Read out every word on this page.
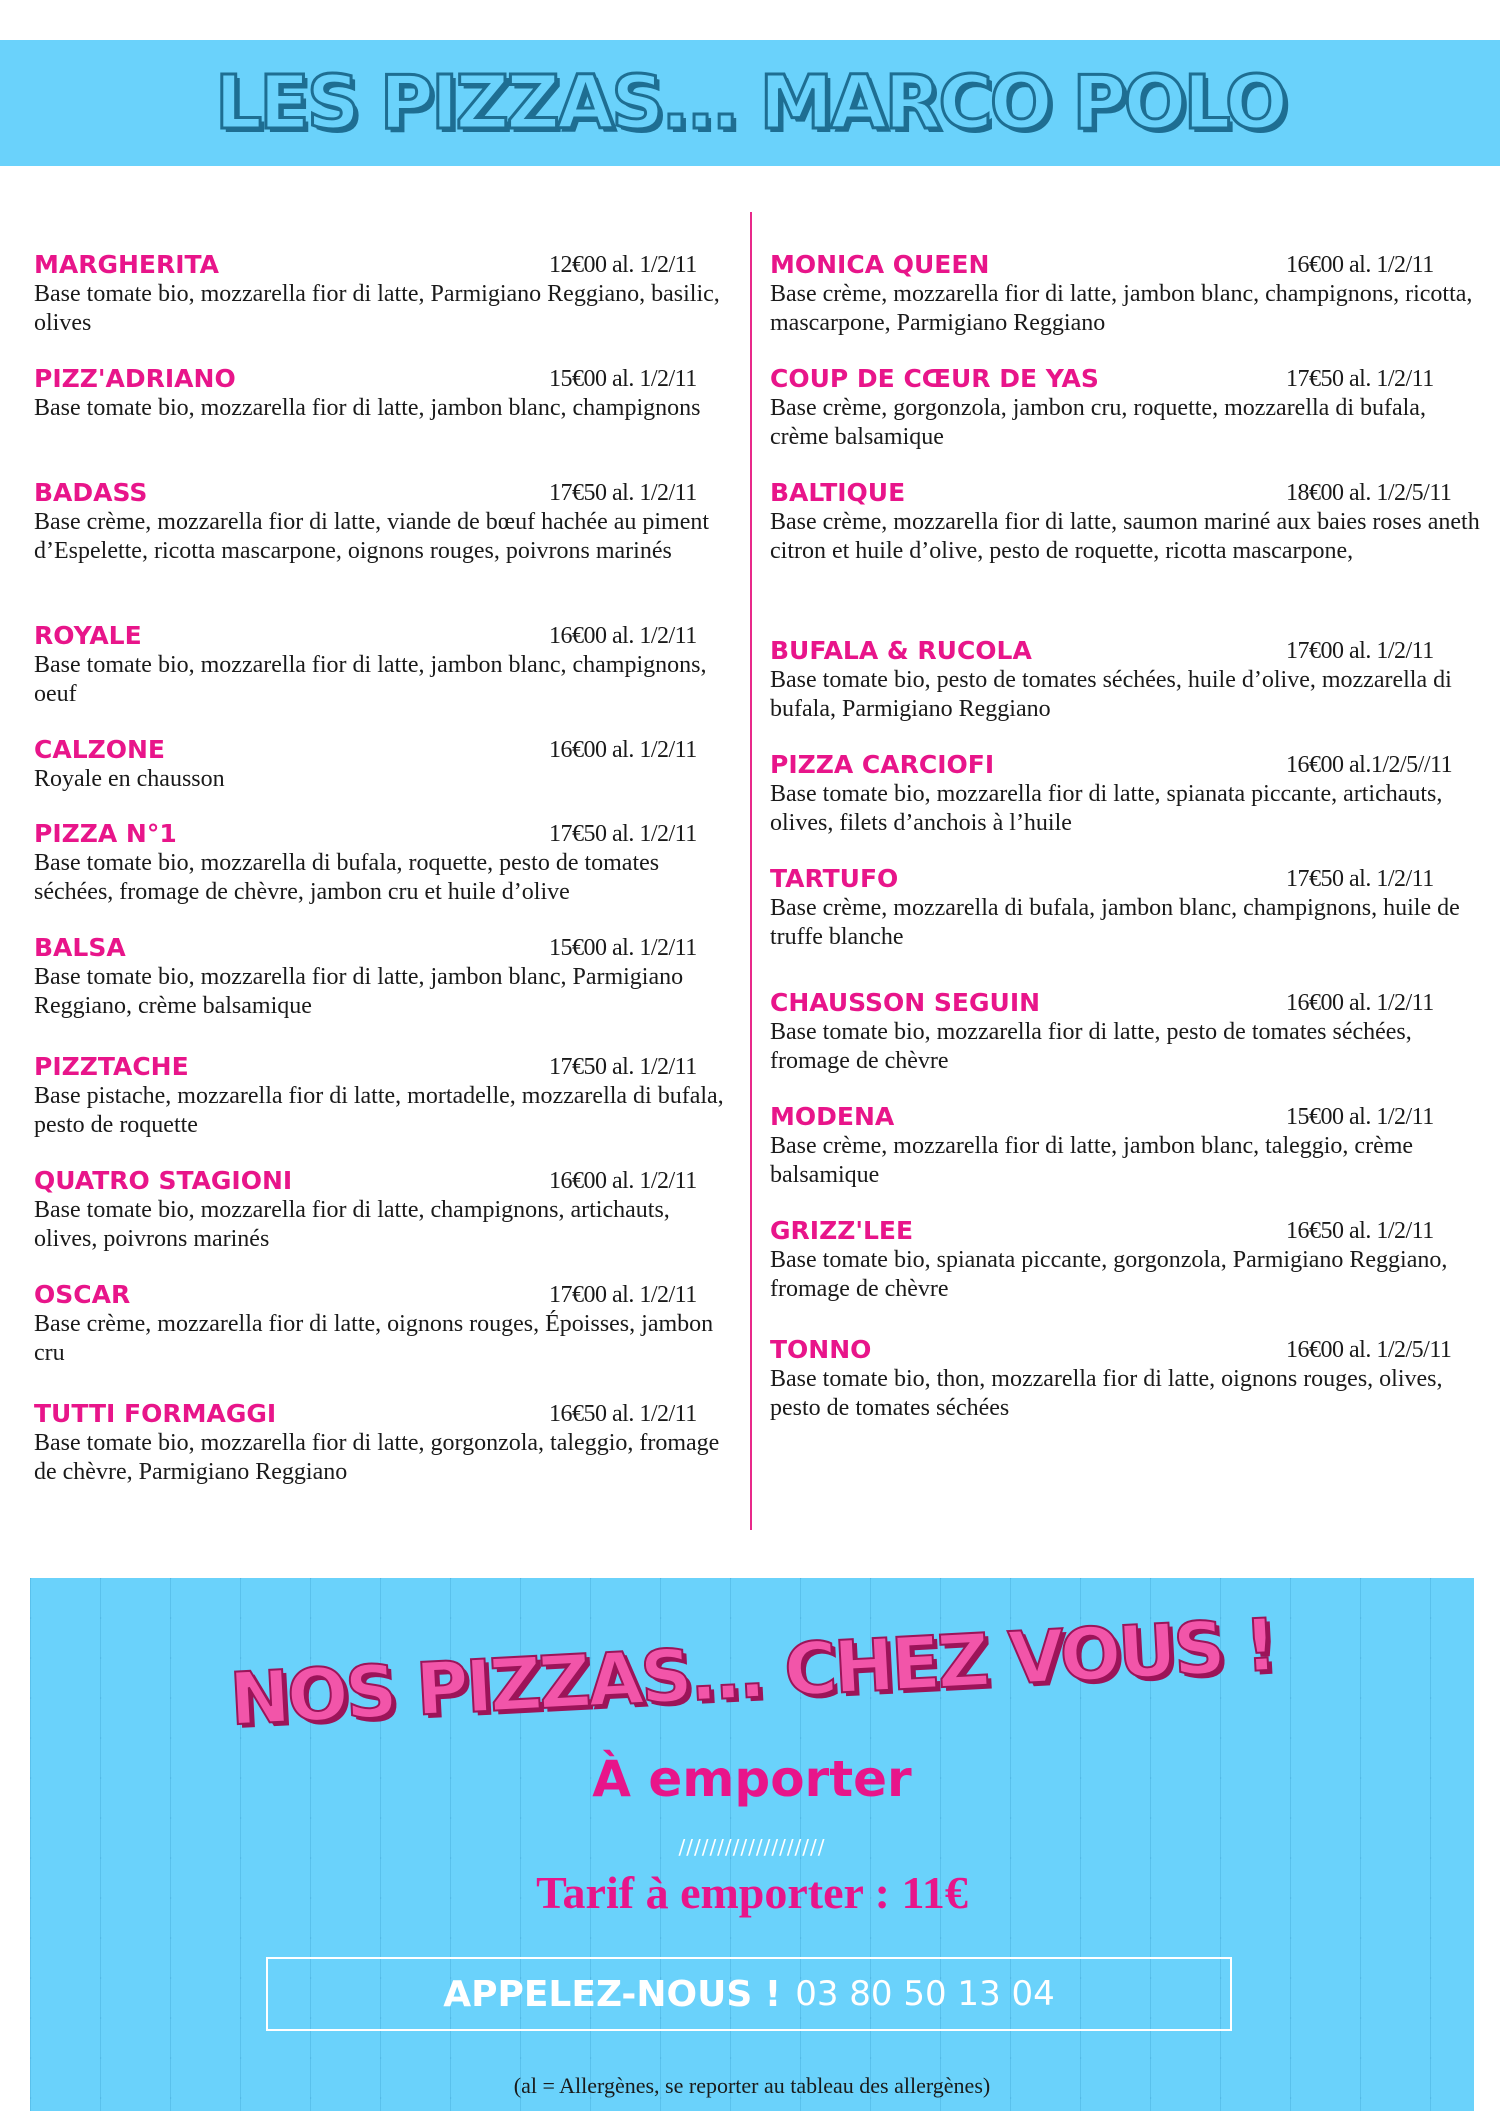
LES PIZZAS... MARCO POLO
MARGHERITA	12€00 al. 1/2/11
Base tomate bio, mozzarella fior di latte, Parmigiano Reggiano, basilic, olives
PIZZ'ADRIANO	15€00 al. 1/2/11
Base tomate bio, mozzarella fior di latte, jambon blanc, champignons
BADASS	17€50 al. 1/2/11
Base crème, mozzarella fior di latte, viande de bœuf hachée au piment d’Espelette, ricotta mascarpone, oignons rouges, poivrons marinés
ROYALE	16€00 al. 1/2/11
Base tomate bio, mozzarella fior di latte, jambon blanc, champignons, oeuf
CALZONE	16€00 al. 1/2/11
Royale en chausson
PIZZA N°1	17€50 al. 1/2/11
Base tomate bio, mozzarella di bufala, roquette, pesto de tomates séchées, fromage de chèvre, jambon cru et huile d’olive
BALSA	15€00 al. 1/2/11
Base tomate bio, mozzarella fior di latte, jambon blanc, Parmigiano Reggiano, crème balsamique
PIZZTACHE	17€50 al. 1/2/11
Base pistache, mozzarella fior di latte, mortadelle, mozzarella di bufala, pesto de roquette
QUATRO STAGIONI	16€00 al. 1/2/11
Base tomate bio, mozzarella fior di latte, champignons, artichauts, olives, poivrons marinés
OSCAR	17€00 al. 1/2/11
Base crème, mozzarella fior di latte, oignons rouges, Époisses, jambon cru
TUTTI FORMAGGI	16€50 al. 1/2/11
Base tomate bio, mozzarella fior di latte, gorgonzola, taleggio, fromage de chèvre, Parmigiano Reggiano
MONICA QUEEN	16€00 al. 1/2/11
Base crème, mozzarella fior di latte, jambon blanc, champignons, ricotta, mascarpone, Parmigiano Reggiano
COUP DE CŒUR DE YAS	17€50 al. 1/2/11
Base crème, gorgonzola, jambon cru, roquette, mozzarella di bufala, crème balsamique
BALTIQUE	18€00 al. 1/2/5/11
Base crème, mozzarella fior di latte, saumon mariné aux baies roses aneth citron et huile d’olive, pesto de roquette, ricotta mascarpone,
BUFALA & RUCOLA	17€00 al. 1/2/11
Base tomate bio, pesto de tomates séchées, huile d’olive, mozzarella di bufala, Parmigiano Reggiano
PIZZA CARCIOFI	16€00 al.1/2/5//11
Base tomate bio, mozzarella fior di latte, spianata piccante, artichauts, olives, filets d’anchois à l’huile
TARTUFO	17€50 al. 1/2/11
Base crème, mozzarella di bufala, jambon blanc, champignons, huile de truffe blanche
CHAUSSON SEGUIN	16€00 al. 1/2/11
Base tomate bio, mozzarella fior di latte, pesto de tomates séchées, fromage de chèvre
MODENA	15€00 al. 1/2/11
Base crème, mozzarella fior di latte, jambon blanc, taleggio, crème balsamique
GRIZZ'LEE	16€50 al. 1/2/11
Base tomate bio, spianata piccante, gorgonzola, Parmigiano Reggiano, fromage de chèvre
TONNO	16€00 al. 1/2/5/11
Base tomate bio, thon, mozzarella fior di latte, oignons rouges, olives, pesto de tomates séchées
NOS PIZZAS... CHEZ VOUS !
À emporter
///////////////////
Tarif à emporter : 11€
APPELEZ-NOUS ! 03 80 50 13 04
(al = Allergènes, se reporter au tableau des allergènes)
